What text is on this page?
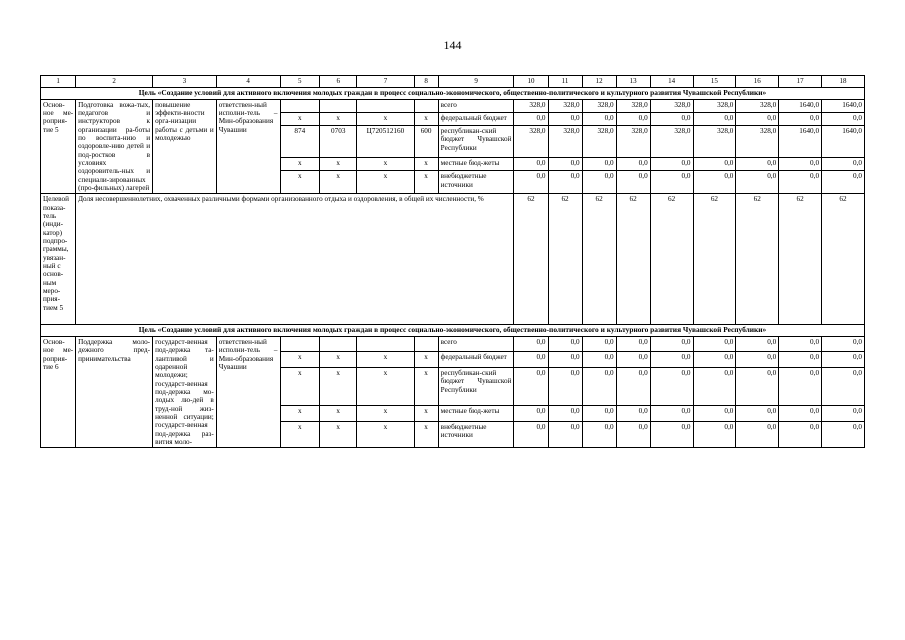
144
1	2	3	4	5	6	7	8	9	10	11	12	13	14	15	16	17	18
Цель «Создание условий для активного включения молодых граждан в процесс социально-экономического, общественно-политического и культурного развития Чувашской Республики»																	
Основ-ное ме-роприя-тие 5	Подготовка вожа-тых, педагогов и инструкторов к организации ра-боты по воспита-нию и оздоровле-нию детей и под-ростков в условиях оздоровитель-ных и специали-зированных (про-фильных) лагерей	повышение эффекти-вности орга-низации работы с детьми и молодежью	ответствен-ный исполни-тель – Мин-образования Чувашии					всего	328,0	328,0	328,0	328,0	328,0	328,0	328,0	1640,0	1640,0
				x	x	x	x	федеральный бюджет	0,0	0,0	0,0	0,0	0,0	0,0	0,0	0,0	0,0
				874	0703	Ц720512160	600	республикан-ский бюджет Чувашской Республики	328,0	328,0	328,0	328,0	328,0	328,0	328,0	1640,0	1640,0
				x	x	x	x	местные бюд-жеты	0,0	0,0	0,0	0,0	0,0	0,0	0,0	0,0	0,0
				x	x	x	x	внебюджетные источники	0,0	0,0	0,0	0,0	0,0	0,0	0,0	0,0	0,0
Целевой показа-тель (инди-катор) подпро-граммы, увязан-ный с основ-ным меро-прия-тием 5	Доля несовершеннолетних, охваченных различными формами организованного отдыха и оздоровления, в общей их численности, %								62	62	62	62	62	62	62	62	62
Цель «Создание условий для активного включения молодых граждан в процесс социально-экономического, общественно-политического и культурного развития Чувашской Республики»																	
Основ-ное ме-роприя-тие 6	Поддержка моло-дежного пред-принимательства	государст-венная под-держка та-лантливой и одаренной молодежи; государст-венная под-держка мо-лодых лю-дей в труд-ной жиз-ненной ситуации; государст-венная под-держка раз-вития моло-	ответствен-ный исполни-тель – Мин-образования Чувашии					всего	0,0	0,0	0,0	0,0	0,0	0,0	0,0	0,0	0,0
				x	x	x	x	федеральный бюджет	0,0	0,0	0,0	0,0	0,0	0,0	0,0	0,0	0,0
				x	x	x	x	республикан-ский бюджет Чувашской Республики	0,0	0,0	0,0	0,0	0,0	0,0	0,0	0,0	0,0
				x	x	x	x	местные бюд-жеты	0,0	0,0	0,0	0,0	0,0	0,0	0,0	0,0	0,0
				x	x	x	x	внебюджетные источники	0,0	0,0	0,0	0,0	0,0	0,0	0,0	0,0	0,0
